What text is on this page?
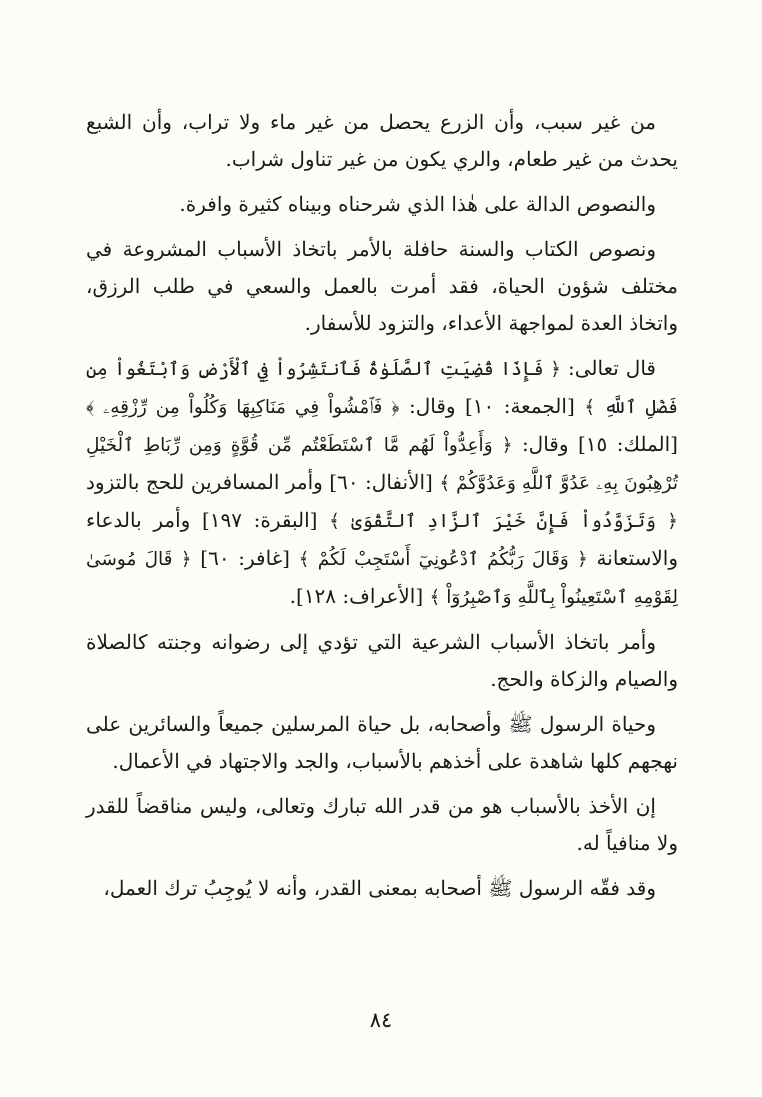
من غير سبب، وأن الزرع يحصل من غير ماء ولا تراب، وأن الشبع يحدث من غير طعام، والري يكون من غير تناول شراب.

والنصوص الدالة على هٰذا الذي شرحناه وبيناه كثيرة وافرة.

ونصوص الكتاب والسنة حافلة بالأمر باتخاذ الأسباب المشروعة في مختلف شؤون الحياة، فقد أمرت بالعمل والسعي في طلب الرزق، واتخاذ العدة لمواجهة الأعداء، والتزود للأسفار.

قال تعالى: ﴿ فَإِذَا قُضِيَتِ ٱلصَّلَوٰةُ فَٱنتَشِرُواْ فِي ٱلْأَرْضِ وَٱبْتَغُواْ مِن فَضْلِ ٱللَّهِ ﴾ [الجمعة: ١٠] وقال: ﴿ فَٱمْشُواْ فِي مَنَاكِبِهَا وَكُلُواْ مِن رِّزْقِهِۦ ﴾ [الملك: ١٥] وقال: ﴿ وَأَعِدُّواْ لَهُم مَّا ٱسْتَطَعْتُم مِّن قُوَّةٍ وَمِن رِّبَاطِ ٱلْخَيْلِ تُرْهِبُونَ بِهِۦ عَدُوَّ ٱللَّهِ وَعَدُوَّكُمْ ﴾ [الأنفال: ٦٠] وأمر المسافرين للحج بالتزود ﴿ وَتَزَوَّدُواْ فَإِنَّ خَيْرَ ٱلزَّادِ ٱلتَّقْوَىٰ ﴾ [البقرة: ١٩٧] وأمر بالدعاء والاستعانة ﴿ وَقَالَ رَبُّكُمُ ٱدْعُونِيٓ أَسْتَجِبْ لَكُمْ ﴾ [غافر: ٦٠] ﴿ قَالَ مُوسَىٰ لِقَوْمِهِ ٱسْتَعِينُواْ بِٱللَّهِ وَٱصْبِرُوٓاْ ﴾ [الأعراف: ١٢٨].

وأمر باتخاذ الأسباب الشرعية التي تؤدي إلى رضوانه وجنته كالصلاة والصيام والزكاة والحج.

وحياة الرسول ﷺ وأصحابه، بل حياة المرسلين جميعاً والسائرين على نهجهم كلها شاهدة على أخذهم بالأسباب، والجد والاجتهاد في الأعمال.

إن الأخذ بالأسباب هو من قدر الله تبارك وتعالى، وليس مناقضاً للقدر ولا منافياً له.

وقد فقّه الرسول ﷺ أصحابه بمعنى القدر، وأنه لا يُوجِبُ ترك العمل،

٨٤
